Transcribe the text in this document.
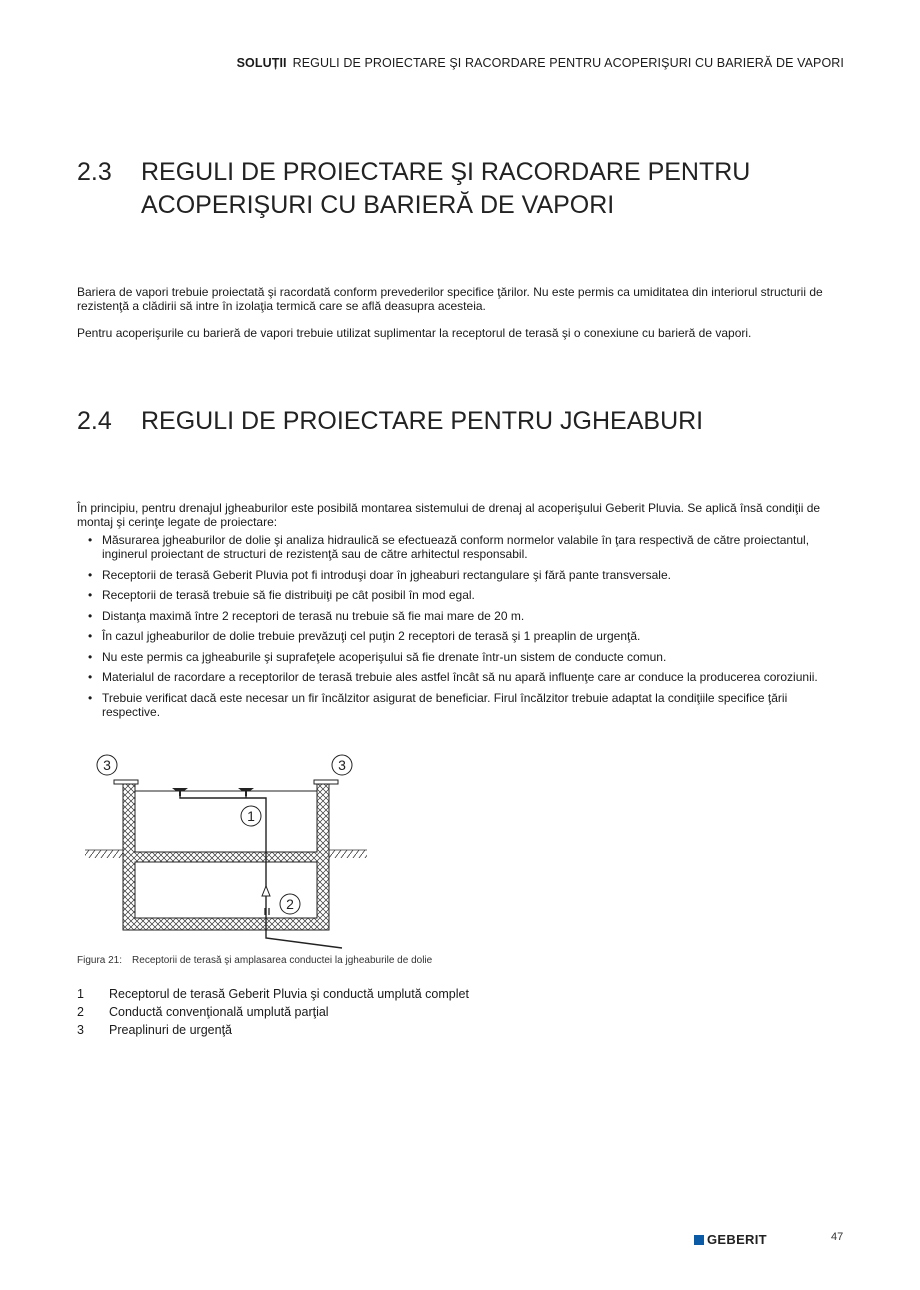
SOLUȚII REGULI DE PROIECTARE ŞI RACORDARE PENTRU ACOPERIŞURI CU BARIERĂ DE VAPORI
2.3	REGULI DE PROIECTARE ŞI RACORDARE PENTRU
ACOPERIŞURI CU BARIERĂ DE VAPORI

Bariera de vapori trebuie proiectată şi racordată conform prevederilor specifice ţărilor. Nu este permis ca umiditatea din interiorul structurii de rezistenţă a clădirii să intre în izolaţia termică care se află deasupra acesteia.

Pentru acoperişurile cu barieră de vapori trebuie utilizat suplimentar la receptorul de terasă şi o conexiune cu barieră de vapori.

2.4	REGULI DE PROIECTARE PENTRU JGHEABURI

În principiu, pentru drenajul jgheaburilor este posibilă montarea sistemului de drenaj al acoperişului Geberit Pluvia. Se aplică însă condiţii de montaj şi cerinţe legate de proiectare:

• Măsurarea jgheaburilor de dolie şi analiza hidraulică se efectuează conform normelor valabile în ţara respectivă de către proiectantul, inginerul proiectant de structuri de rezistenţă sau de către arhitectul responsabil.
• Receptorii de terasă Geberit Pluvia pot fi introduşi doar în jgheaburi rectangulare şi fără pante transversale.
• Receptorii de terasă trebuie să fie distribuiţi pe cât posibil în mod egal.
• Distanţa maximă între 2 receptori de terasă nu trebuie să fie mai mare de 20 m.
• În cazul jgheaburilor de dolie trebuie prevăzuţi cel puţin 2 receptori de terasă şi 1 preaplin de urgenţă.
• Nu este permis ca jgheaburile şi suprafeţele acoperişului să fie drenate într-un sistem de conducte comun.
• Materialul de racordare a receptorilor de terasă trebuie ales astfel încât să nu apară influenţe care ar conduce la producerea coroziunii.
• Trebuie verificat dacă este necesar un fir încălzitor asigurat de beneficiar. Firul încălzitor trebuie adaptat la condiţiile specifice ţării respective.
3	3
1
2
Figura 21: Receptorii de terasă şi amplasarea conductei la jgheaburile de dolie
1	Receptorul de terasă Geberit Pluvia şi conductă umplută complet
2	Conductă convenţională umplută parţial
3	Preaplinuri de urgenţă
GEBERIT	47
